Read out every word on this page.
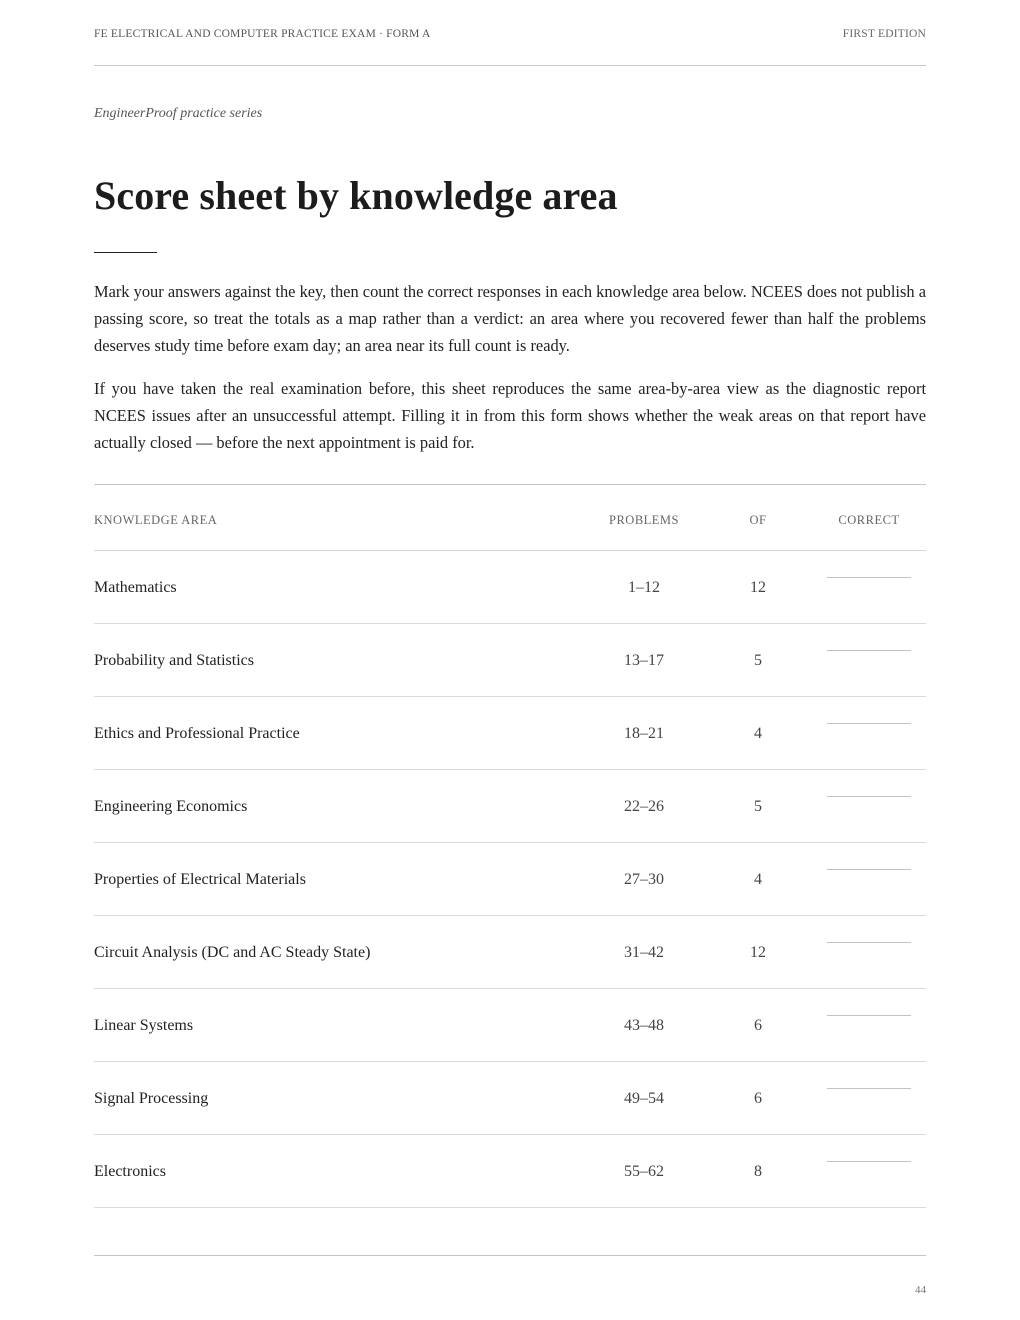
FE ELECTRICAL AND COMPUTER PRACTICE EXAM · FORM A	FIRST EDITION
EngineerProof practice series
Score sheet by knowledge area

Mark your answers against the key, then count the correct responses in each knowledge area below. NCEES does not publish a passing score, so treat the totals as a map rather than a verdict: an area where you recovered fewer than half the problems deserves study time before exam day; an area near its full count is ready.

If you have taken the real examination before, this sheet reproduces the same area-by-area view as the diagnostic report NCEES issues after an unsuccessful attempt. Filling it in from this form shows whether the weak areas on that report have actually closed — before the next appointment is paid for.

KNOWLEDGE AREA	PROBLEMS	OF	CORRECT
Mathematics	1–12	12
Probability and Statistics	13–17	5
Ethics and Professional Practice	18–21	4
Engineering Economics	22–26	5
Properties of Electrical Materials	27–30	4
Circuit Analysis (DC and AC Steady State)	31–42	12
Linear Systems	43–48	6
Signal Processing	49–54	6
Electronics	55–62	8
44
